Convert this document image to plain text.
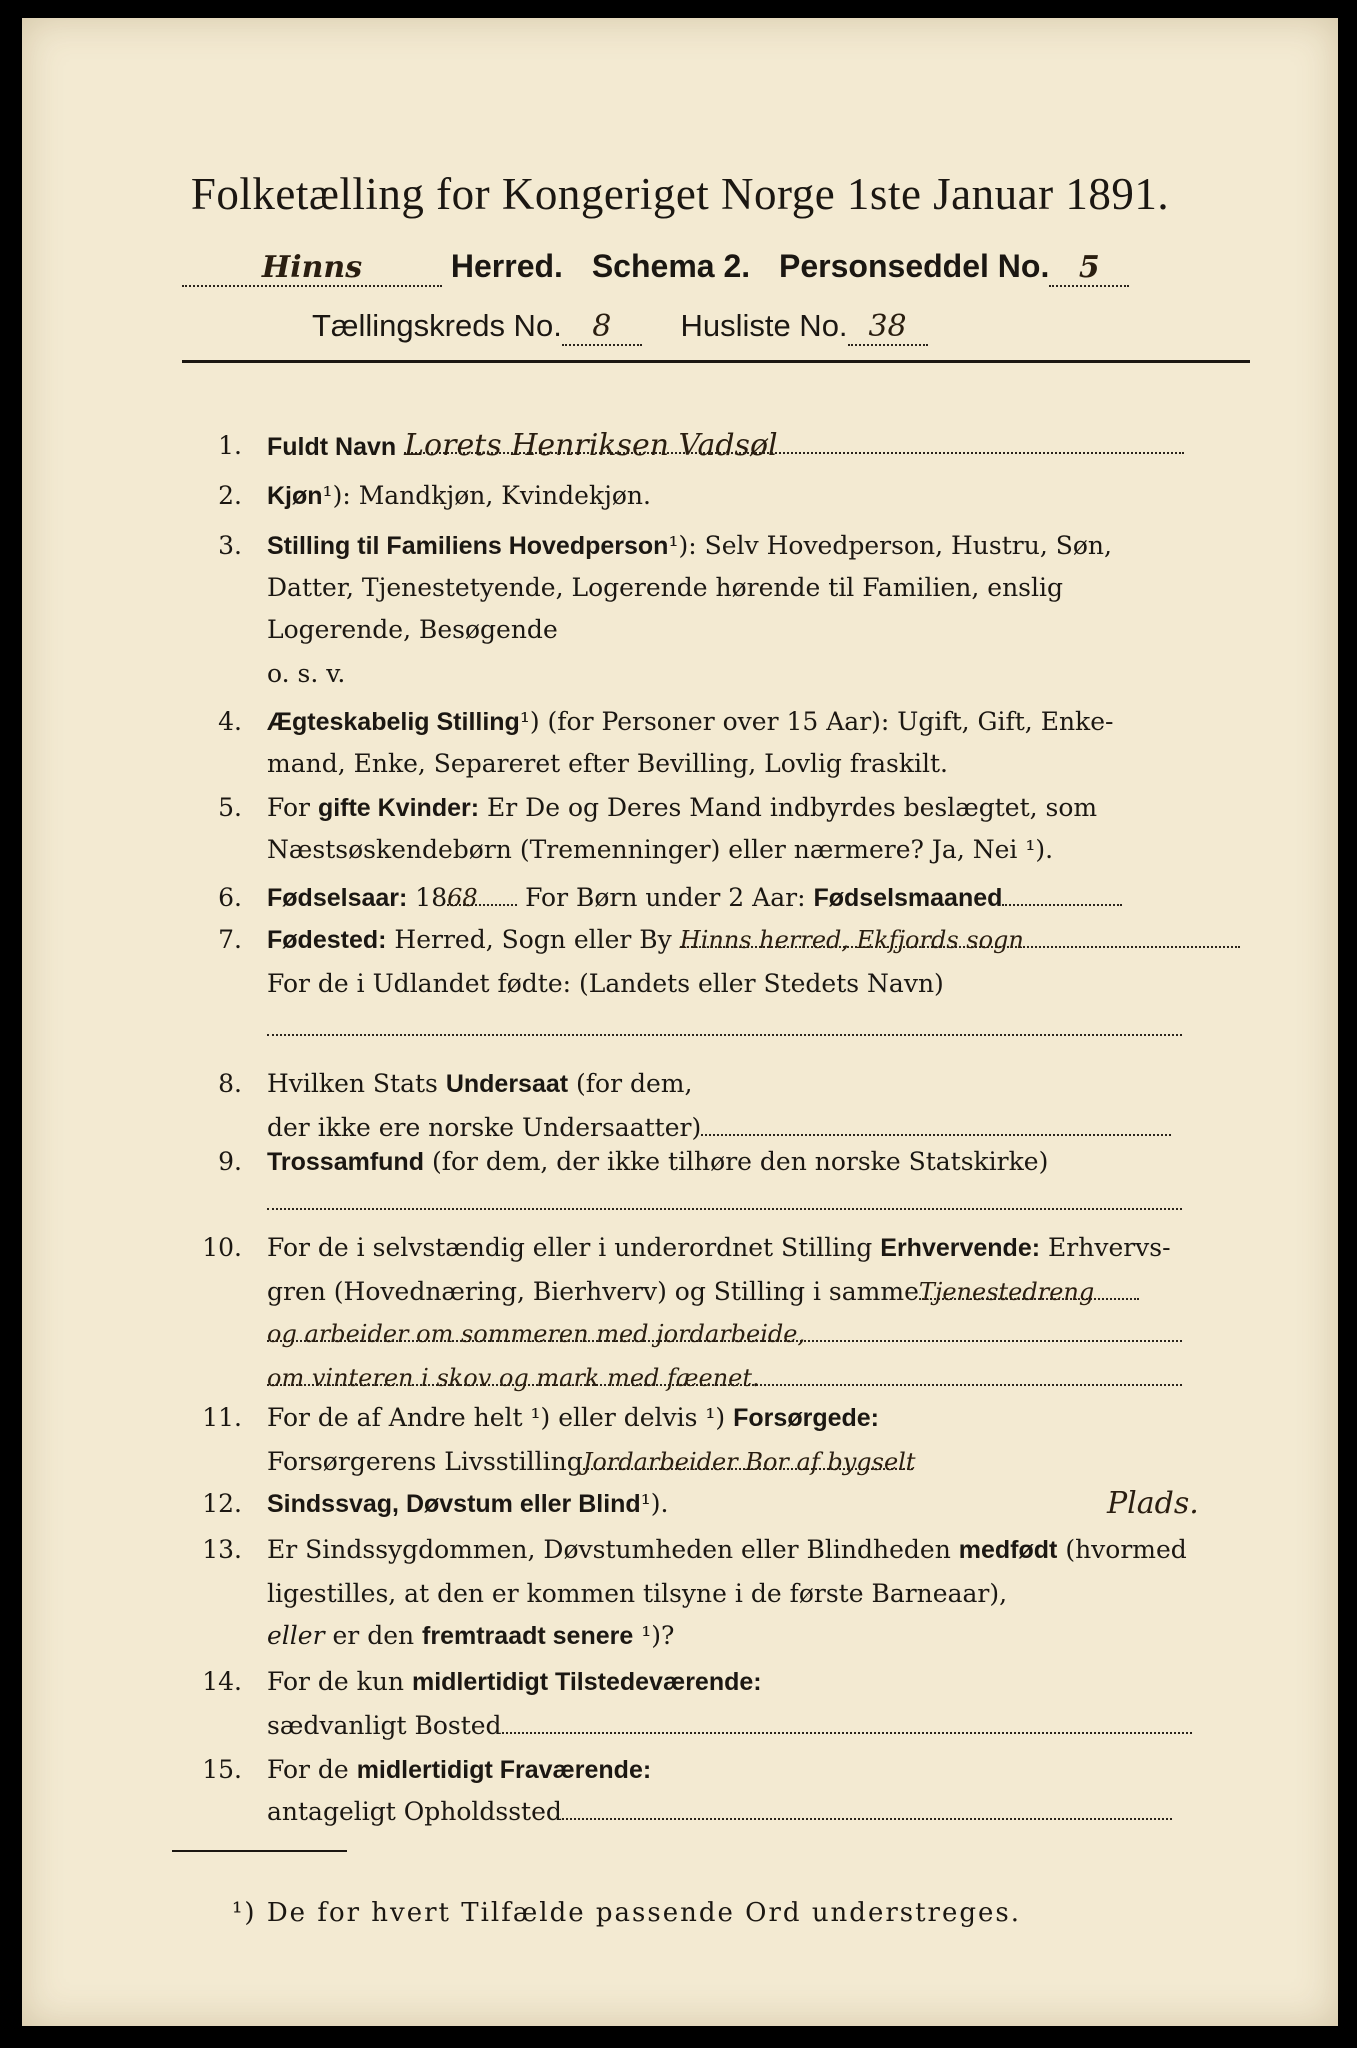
Folketælling for Kongeriget Norge 1ste Januar 1891.
Hinns	Herred. Schema 2. Personseddel No. 5
Tællingskreds No. 8 Husliste No. 38
1. Fuldt Navn Lorets Henriksen Vadsøl
2. Kjøn¹): Mandkjøn, Kvindekjøn.
3. Stilling til Familiens Hovedperson¹): Selv Hovedperson, Hustru, Søn,
Datter, Tjenestetyende, Logerende hørende til Familien, enslig
Logerende, Besøgende
o. s. v.
4. Ægteskabelig Stilling¹) (for Personer over 15 Aar): Ugift, Gift, Enke-
mand, Enke, Separeret efter Bevilling, Lovlig fraskilt.
5. For gifte Kvinder: Er De og Deres Mand indbyrdes beslægtet, som
Næstsøskendebørn (Tremenninger) eller nærmere? Ja, Nei ¹).
6. Fødselsaar: 1868 For Børn under 2 Aar: Fødselsmaaned
7. Fødested: Herred, Sogn eller By Hinns herred, Ekfjords sogn
For de i Udlandet fødte: (Landets eller Stedets Navn)
8. Hvilken Stats Undersaat (for dem,
der ikke ere norske Undersaatter)
9. Trossamfund (for dem, der ikke tilhøre den norske Statskirke)
10. For de i selvstændig eller i underordnet Stilling Erhvervende: Erhvervs-
gren (Hovednæring, Bierhverv) og Stilling i sammeTjenestedreng
og arbeider om sommeren med jordarbeide,
om vinteren i skov og mark med fæenet.
11. For de af Andre helt ¹) eller delvis ¹) Forsørgede:
Forsørgerens LivsstillingJordarbeider Bor af bygselt
12. Sindssvag, Døvstum eller Blind¹).	Plads.
13. Er Sindssygdommen, Døvstumheden eller Blindheden medfødt (hvormed
ligestilles, at den er kommen tilsyne i de første Barneaar),
eller er den fremtraadt senere ¹)?
14. For de kun midlertidigt Tilstedeværende:
sædvanligt Bosted
15. For de midlertidigt Fraværende:
antageligt Opholdssted
¹) De for hvert Tilfælde passende Ord understreges.
